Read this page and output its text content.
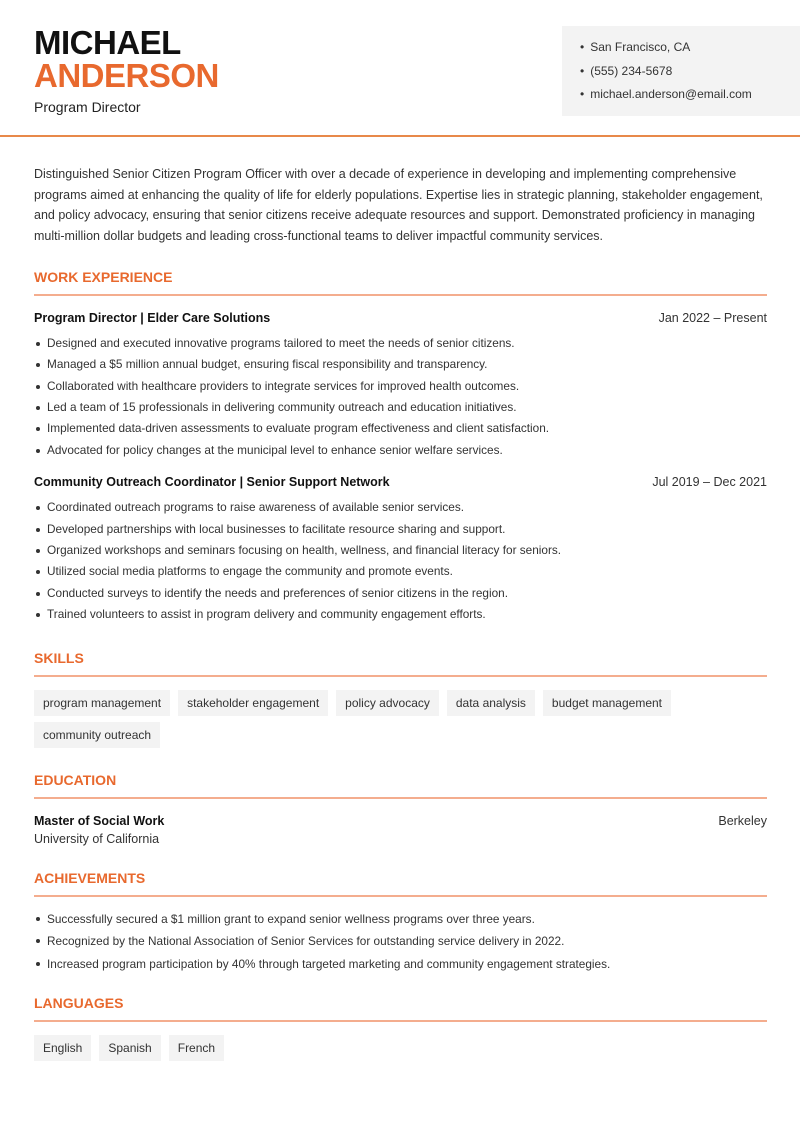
MICHAEL
ANDERSON
Program Director
• San Francisco, CA
• (555) 234-5678
• michael.anderson@email.com

Distinguished Senior Citizen Program Officer with over a decade of experience in developing and implementing comprehensive programs aimed at enhancing the quality of life for elderly populations. Expertise lies in strategic planning, stakeholder engagement, and policy advocacy, ensuring that senior citizens receive adequate resources and support. Demonstrated proficiency in managing multi-million dollar budgets and leading cross-functional teams to deliver impactful community services.

WORK EXPERIENCE
Program Director | Elder Care Solutions	Jan 2022 – Present
Designed and executed innovative programs tailored to meet the needs of senior citizens.
Managed a $5 million annual budget, ensuring fiscal responsibility and transparency.
Collaborated with healthcare providers to integrate services for improved health outcomes.
Led a team of 15 professionals in delivering community outreach and education initiatives.
Implemented data-driven assessments to evaluate program effectiveness and client satisfaction.
Advocated for policy changes at the municipal level to enhance senior welfare services.
Community Outreach Coordinator | Senior Support Network	Jul 2019 – Dec 2021
Coordinated outreach programs to raise awareness of available senior services.
Developed partnerships with local businesses to facilitate resource sharing and support.
Organized workshops and seminars focusing on health, wellness, and financial literacy for seniors.
Utilized social media platforms to engage the community and promote events.
Conducted surveys to identify the needs and preferences of senior citizens in the region.
Trained volunteers to assist in program delivery and community engagement efforts.
SKILLS
program management	stakeholder engagement	policy advocacy	data analysis	budget management
community outreach
EDUCATION
Master of Social Work	Berkeley
University of California
ACHIEVEMENTS
Successfully secured a $1 million grant to expand senior wellness programs over three years.
Recognized by the National Association of Senior Services for outstanding service delivery in 2022.
Increased program participation by 40% through targeted marketing and community engagement strategies.
LANGUAGES
English	Spanish	French
